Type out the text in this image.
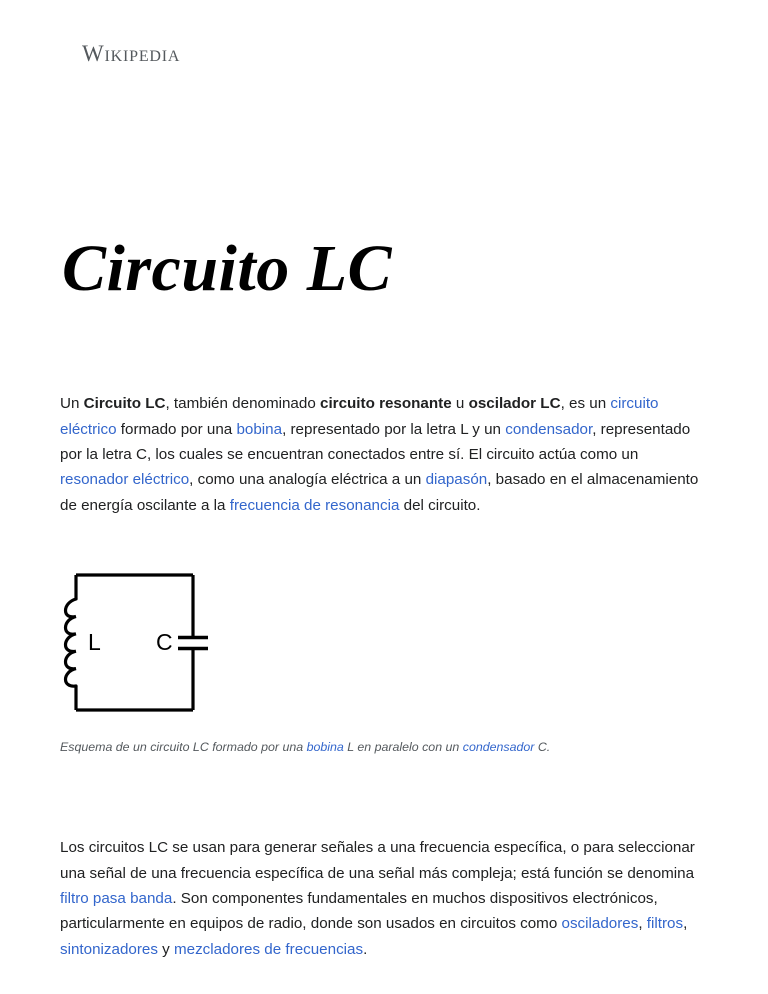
Wikipedia
Circuito LC

Un Circuito LC, también denominado circuito resonante u oscilador LC, es un circuito eléctrico formado por una bobina, representado por la letra L y un condensador, representado por la letra C, los cuales se encuentran conectados entre sí. El circuito actúa como un resonador eléctrico, como una analogía eléctrica a un diapasón, basado en el almacenamiento de energía oscilante a la frecuencia de resonancia del circuito.

L C
Esquema de un circuito LC formado por una bobina L en paralelo con un condensador C.

Los circuitos LC se usan para generar señales a una frecuencia específica, o para seleccionar una señal de una frecuencia específica de una señal más compleja; está función se denomina filtro pasa banda. Son componentes fundamentales en muchos dispositivos electrónicos, particularmente en equipos de radio, donde son usados en circuitos como osciladores, filtros, sintonizadores y mezcladores de frecuencias.
